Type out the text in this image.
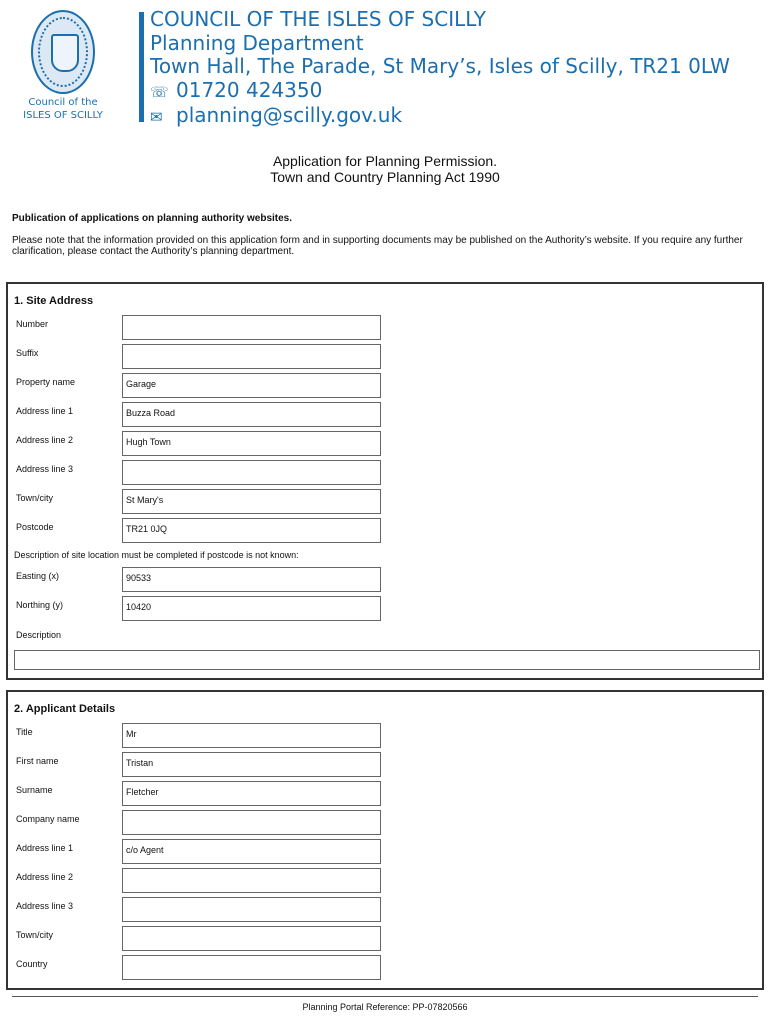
Council of the
ISLES OF SCILLY
COUNCIL OF THE ISLES OF SCILLY
Planning Department
Town Hall, The Parade, St Mary’s, Isles of Scilly, TR21 0LW
☏ 01720 424350
✉ planning@scilly.gov.uk
Application for Planning Permission.
Town and Country Planning Act 1990
Publication of applications on planning authority websites.
Please note that the information provided on this application form and in supporting documents may be published on the Authority’s website. If you require any further clarification, please contact the Authority’s planning department.
1. Site Address
Number
Suffix
Property name	Garage
Address line 1	Buzza Road
Address line 2	Hugh Town
Address line 3
Town/city	St Mary's
Postcode	TR21 0JQ
Description of site location must be completed if postcode is not known:
Easting (x)	90533
Northing (y)	10420
Description
2. Applicant Details
Title	Mr
First name	Tristan
Surname	Fletcher
Company name
Address line 1	c/o Agent
Address line 2
Address line 3
Town/city
Country
Planning Portal Reference: PP-07820566
